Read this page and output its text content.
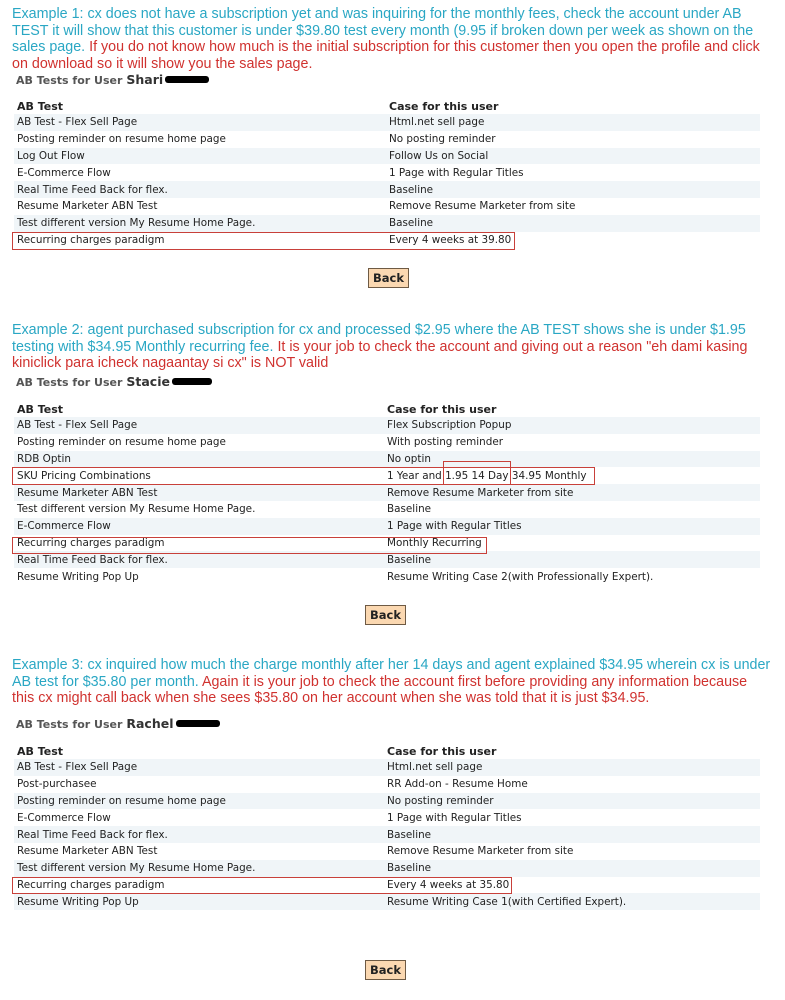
Example 1: cx does not have a subscription yet and was inquiring for the monthly fees, check the account under AB TEST it will show that this customer is under $39.80 test every month (9.95 if broken down per week as shown on the sales page. If you do not know how much is the initial subscription for this customer then you open the profile and click on download so it will show you the sales page.

AB Tests for User Shari
AB Test	Case for this user
AB Test - Flex Sell Page	Html.net sell page
Posting reminder on resume home page	No posting reminder
Log Out Flow	Follow Us on Social
E-Commerce Flow	1 Page with Regular Titles
Real Time Feed Back for flex.	Baseline
Resume Marketer ABN Test	Remove Resume Marketer from site
Test different version My Resume Home Page.	Baseline
Recurring charges paradigm	Every 4 weeks at 39.80
Back

Example 2: agent purchased subscription for cx and processed $2.95 where the AB TEST shows she is under $1.95 testing with $34.95 Monthly recurring fee. It is your job to check the account and giving out a reason "eh dami kasing kiniclick para icheck nagaantay si cx" is NOT valid

AB Tests for User Stacie
AB Test	Case for this user
AB Test - Flex Sell Page	Flex Subscription Popup
Posting reminder on resume home page	With posting reminder
RDB Optin	No optin
SKU Pricing Combinations	1 Year and 1.95 14 Day 34.95 Monthly
Resume Marketer ABN Test	Remove Resume Marketer from site
Test different version My Resume Home Page.	Baseline
E-Commerce Flow	1 Page with Regular Titles
Recurring charges paradigm	Monthly Recurring
Real Time Feed Back for flex.	Baseline
Resume Writing Pop Up	Resume Writing Case 2(with Professionally Expert).
Back

Example 3: cx inquired how much the charge monthly after her 14 days and agent explained $34.95 wherein cx is under AB test for $35.80 per month. Again it is your job to check the account first before providing any information because this cx might call back when she sees $35.80 on her account when she was told that it is just $34.95.

AB Tests for User Rachel
AB Test	Case for this user
AB Test - Flex Sell Page	Html.net sell page
Post-purchasee	RR Add-on - Resume Home
Posting reminder on resume home page	No posting reminder
E-Commerce Flow	1 Page with Regular Titles
Real Time Feed Back for flex.	Baseline
Resume Marketer ABN Test	Remove Resume Marketer from site
Test different version My Resume Home Page.	Baseline
Recurring charges paradigm	Every 4 weeks at 35.80
Resume Writing Pop Up	Resume Writing Case 1(with Certified Expert).
Back
